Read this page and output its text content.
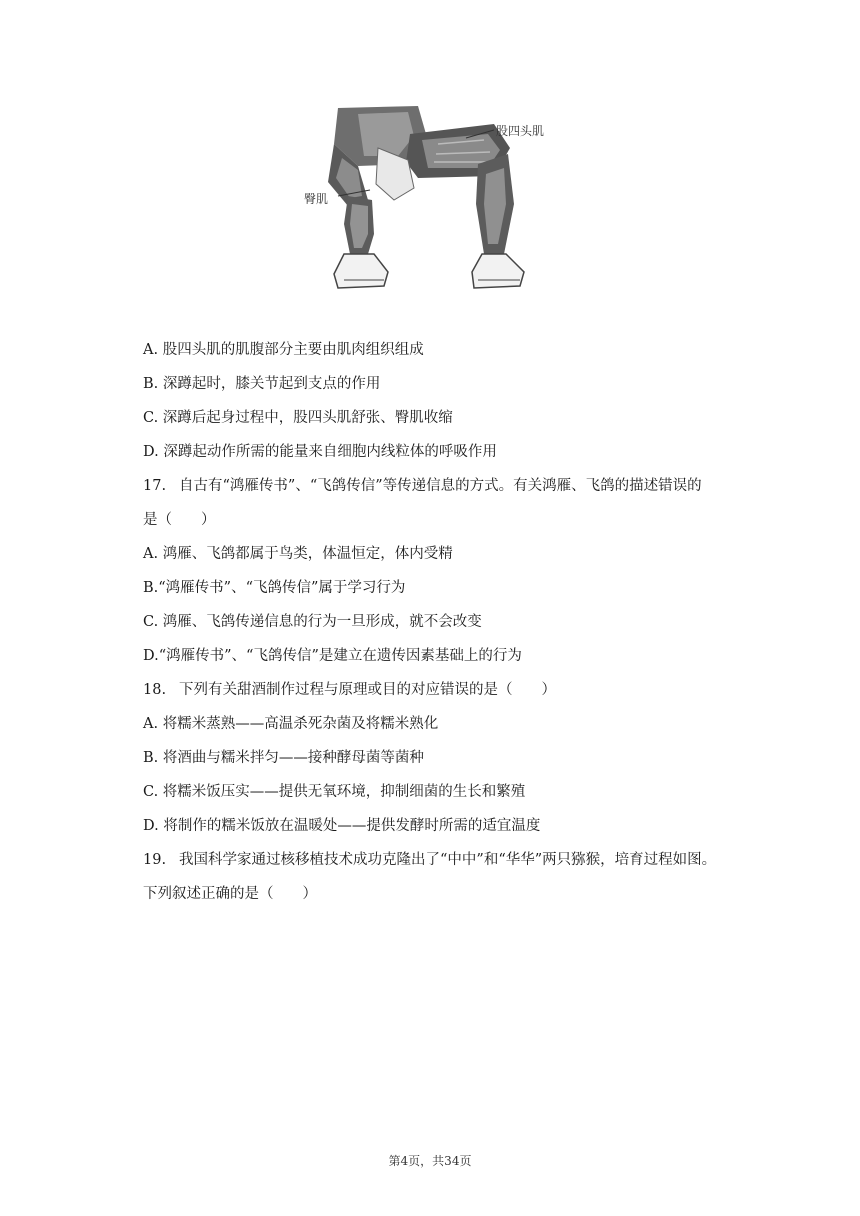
股四头肌
臀肌
A. 股四头肌的肌腹部分主要由肌肉组织组成
B. 深蹲起时，膝关节起到支点的作用
C. 深蹲后起身过程中，股四头肌舒张、臀肌收缩
D. 深蹲起动作所需的能量来自细胞内线粒体的呼吸作用
17. 自古有“鸿雁传书”、“飞鸽传信”等传递信息的方式。有关鸿雁、飞鸽的描述错误的
是（　　）
A. 鸿雁、飞鸽都属于鸟类，体温恒定，体内受精
B.“鸿雁传书”、“飞鸽传信”属于学习行为
C. 鸿雁、飞鸽传递信息的行为一旦形成，就不会改变
D.“鸿雁传书”、“飞鸽传信”是建立在遗传因素基础上的行为
18. 下列有关甜酒制作过程与原理或目的对应错误的是（　　）
A. 将糯米蒸熟——高温杀死杂菌及将糯米熟化
B. 将酒曲与糯米拌匀——接种酵母菌等菌种
C. 将糯米饭压实——提供无氧环境，抑制细菌的生长和繁殖
D. 将制作的糯米饭放在温暖处——提供发酵时所需的适宜温度
19. 我国科学家通过核移植技术成功克隆出了“中中”和“华华”两只猕猴，培育过程如图。
下列叙述正确的是（　　）
第4页，共34页
